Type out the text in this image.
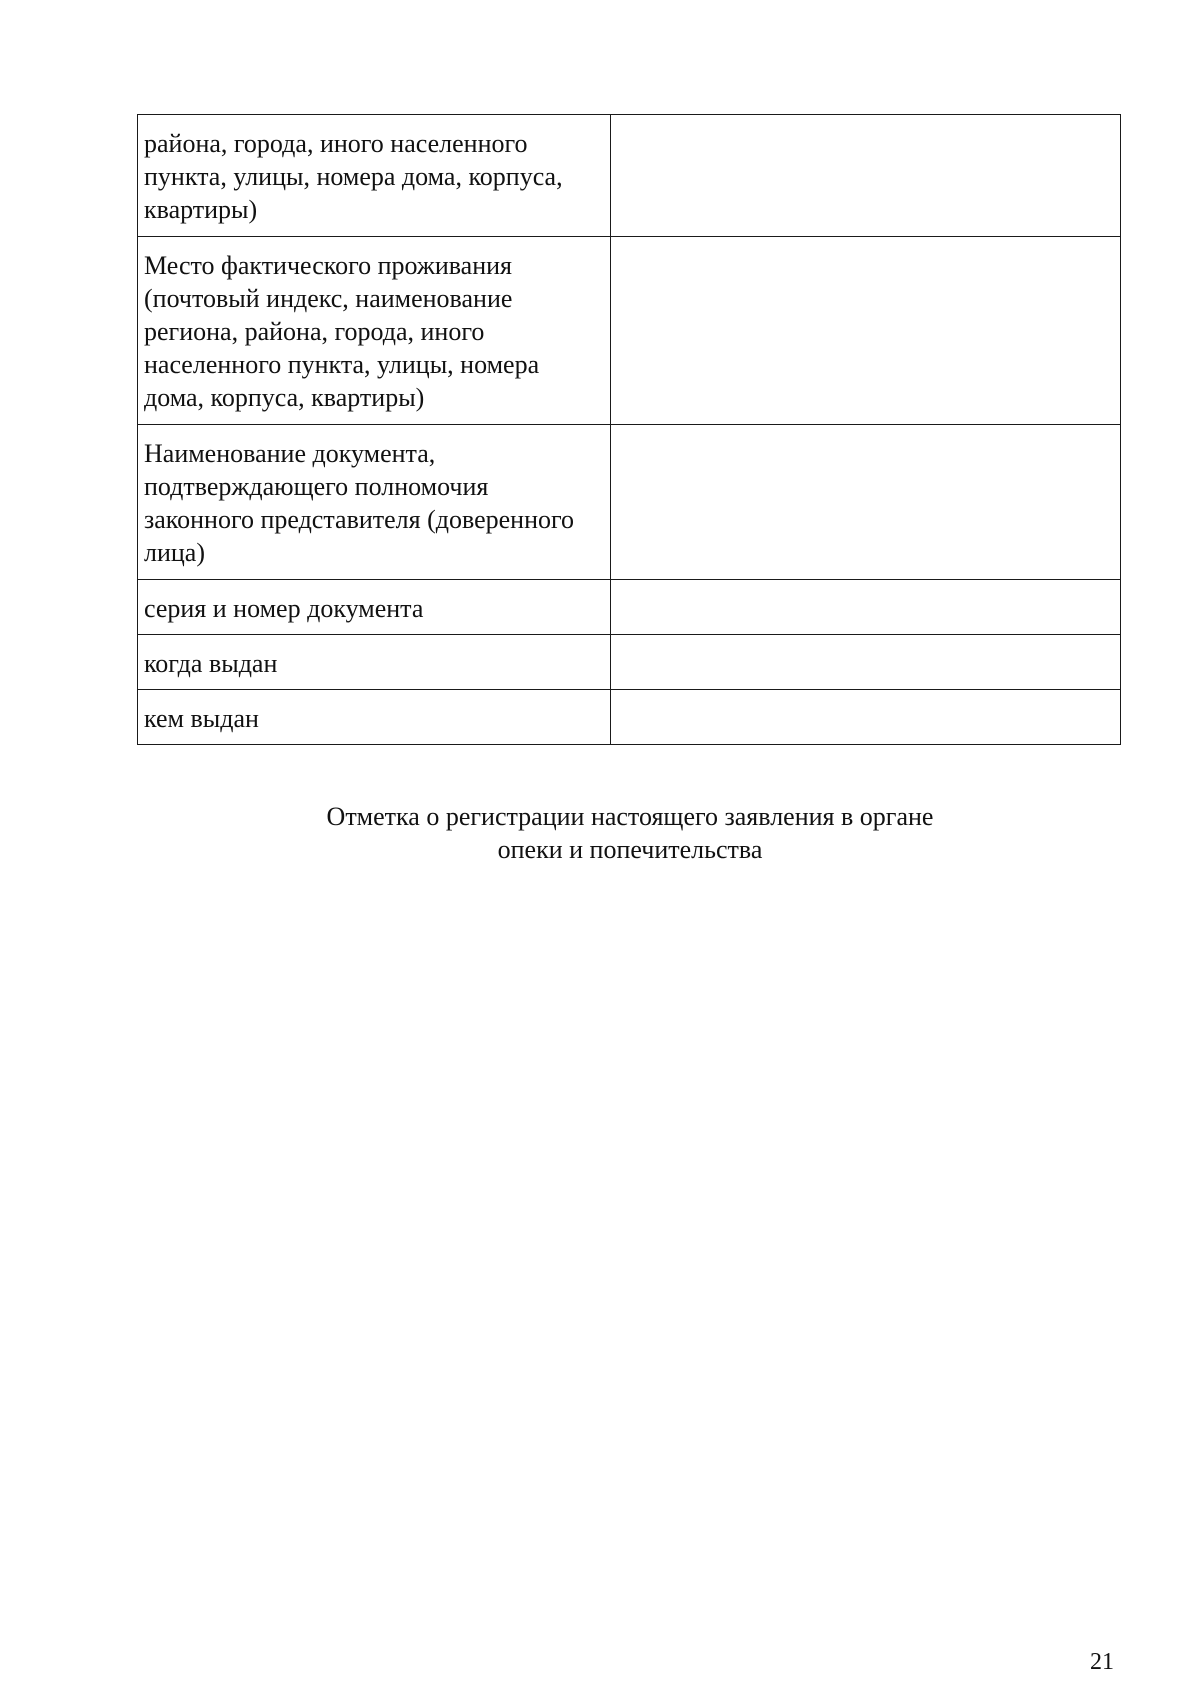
района, города, иного населенного пункта, улицы, номера дома, корпуса, квартиры)	
Место фактического проживания (почтовый индекс, наименование региона, района, города, иного населенного пункта, улицы, номера дома, корпуса, квартиры)	
Наименование документа, подтверждающего полномочия законного представителя (доверенного лица)	
серия и номер документа	
когда выдан	
кем выдан	
Отметка о регистрации настоящего заявления в органе
опеки и попечительства
21
